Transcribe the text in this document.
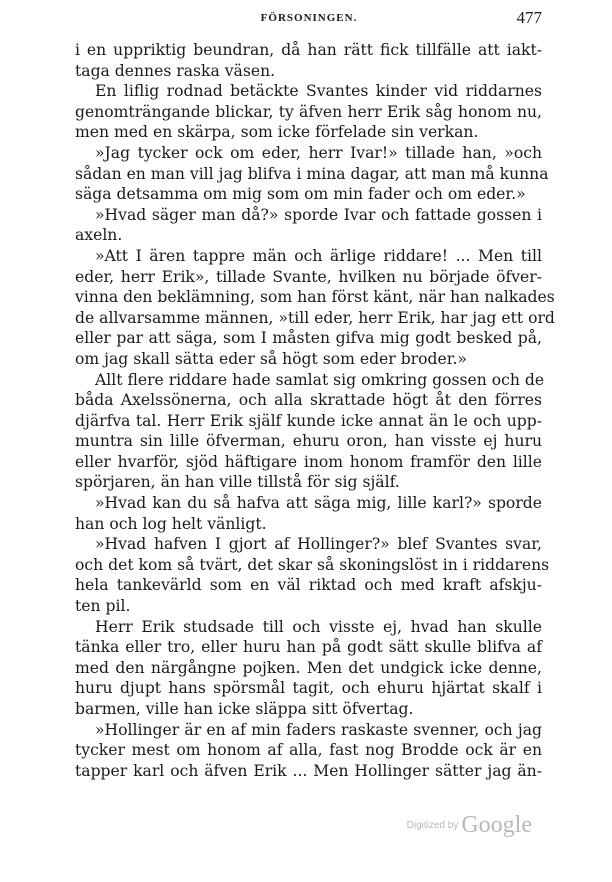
FÖRSONINGEN.	477
i en uppriktig beundran, då han rätt fick tillfälle att iakt-
taga dennes raska väsen.
En liflig rodnad betäckte Svantes kinder vid riddarnes
genomträngande blickar, ty äfven herr Erik såg honom nu,
men med en skärpa, som icke förfelade sin verkan.
»Jag tycker ock om eder, herr Ivar!» tillade han, »och
sådan en man vill jag blifva i mina dagar, att man må kunna
säga detsamma om mig som om min fader och om eder.»
»Hvad säger man då?» sporde Ivar och fattade gossen i
axeln.
»Att I ären tappre män och ärlige riddare! ... Men till
eder, herr Erik», tillade Svante, hvilken nu började öfver-
vinna den beklämning, som han först känt, när han nalkades
de allvarsamme männen, »till eder, herr Erik, har jag ett ord
eller par att säga, som I måsten gifva mig godt besked på,
om jag skall sätta eder så högt som eder broder.»
Allt flere riddare hade samlat sig omkring gossen och de
båda Axelssönerna, och alla skrattade högt åt den förres
djärfva tal. Herr Erik själf kunde icke annat än le och upp-
muntra sin lille öfverman, ehuru oron, han visste ej huru
eller hvarför, sjöd häftigare inom honom framför den lille
spörjaren, än han ville tillstå för sig själf.
»Hvad kan du så hafva att säga mig, lille karl?» sporde
han och log helt vänligt.
»Hvad hafven I gjort af Hollinger?» blef Svantes svar,
och det kom så tvärt, det skar så skoningslöst in i riddarens
hela tankevärld som en väl riktad och med kraft afskju-
ten pil.
Herr Erik studsade till och visste ej, hvad han skulle
tänka eller tro, eller huru han på godt sätt skulle blifva af
med den närgångne pojken. Men det undgick icke denne,
huru djupt hans spörsmål tagit, och ehuru hjärtat skalf i
barmen, ville han icke släppa sitt öfvertag.
»Hollinger är en af min faders raskaste svenner, och jag
tycker mest om honom af alla, fast nog Brodde ock är en
tapper karl och äfven Erik ... Men Hollinger sätter jag än-
$^{Digitized by}$ Google
